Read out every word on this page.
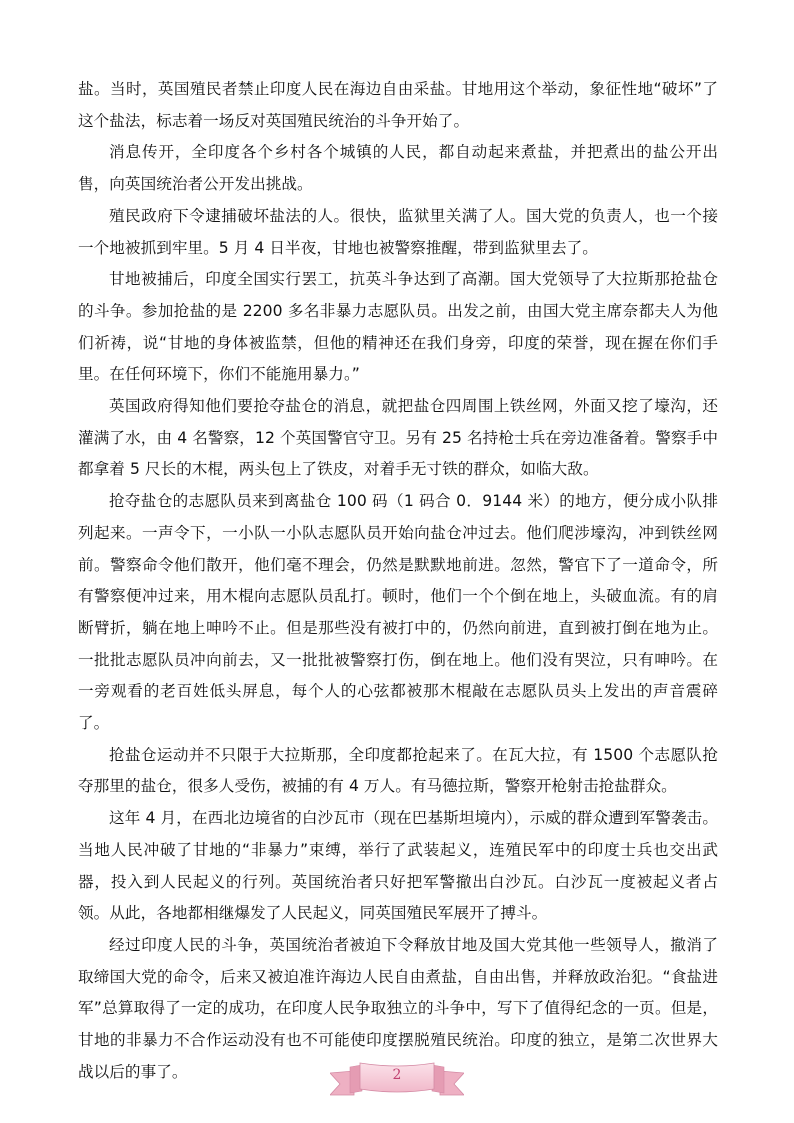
盐。当时，英国殖民者禁止印度人民在海边自由采盐。甘地用这个举动，象征性地“破坏”了这个盐法，标志着一场反对英国殖民统治的斗争开始了。

消息传开，全印度各个乡村各个城镇的人民，都自动起来煮盐，并把煮出的盐公开出售，向英国统治者公开发出挑战。

殖民政府下令逮捕破坏盐法的人。很快，监狱里关满了人。国大党的负责人，也一个接一个地被抓到牢里。5 月 4 日半夜，甘地也被警察推醒，带到监狱里去了。

甘地被捕后，印度全国实行罢工，抗英斗争达到了高潮。国大党领导了大拉斯那抢盐仓的斗争。参加抢盐的是 2200 多名非暴力志愿队员。出发之前，由国大党主席奈都夫人为他们祈祷，说“甘地的身体被监禁，但他的精神还在我们身旁，印度的荣誉，现在握在你们手里。在任何环境下，你们不能施用暴力。”

英国政府得知他们要抢夺盐仓的消息，就把盐仓四周围上铁丝网，外面又挖了壕沟，还灌满了水，由 4 名警察，12 个英国警官守卫。另有 25 名持枪士兵在旁边准备着。警察手中都拿着 5 尺长的木棍，两头包上了铁皮，对着手无寸铁的群众，如临大敌。

抢夺盐仓的志愿队员来到离盐仓 100 码（1 码合 0．9144 米）的地方，便分成小队排列起来。一声令下，一小队一小队志愿队员开始向盐仓冲过去。他们爬涉壕沟，冲到铁丝网前。警察命令他们散开，他们毫不理会，仍然是默默地前进。忽然，警官下了一道命令，所有警察便冲过来，用木棍向志愿队员乱打。顿时，他们一个个倒在地上，头破血流。有的肩断臂折，躺在地上呻吟不止。但是那些没有被打中的，仍然向前进，直到被打倒在地为止。一批批志愿队员冲向前去，又一批批被警察打伤，倒在地上。他们没有哭泣，只有呻吟。在一旁观看的老百姓低头屏息，每个人的心弦都被那木棍敲在志愿队员头上发出的声音震碎了。

抢盐仓运动并不只限于大拉斯那，全印度都抢起来了。在瓦大拉，有 1500 个志愿队抢夺那里的盐仓，很多人受伤，被捕的有 4 万人。有马德拉斯，警察开枪射击抢盐群众。

这年 4 月，在西北边境省的白沙瓦市（现在巴基斯坦境内），示威的群众遭到军警袭击。当地人民冲破了甘地的“非暴力”束缚，举行了武装起义，连殖民军中的印度士兵也交出武器，投入到人民起义的行列。英国统治者只好把军警撤出白沙瓦。白沙瓦一度被起义者占领。从此，各地都相继爆发了人民起义，同英国殖民军展开了搏斗。

经过印度人民的斗争，英国统治者被迫下令释放甘地及国大党其他一些领导人，撤消了取缔国大党的命令，后来又被迫准许海边人民自由煮盐，自由出售，并释放政治犯。“食盐进军”总算取得了一定的成功，在印度人民争取独立的斗争中，写下了值得纪念的一页。但是，甘地的非暴力不合作运动没有也不可能使印度摆脱殖民统治。印度的独立，是第二次世界大战以后的事了。	2
